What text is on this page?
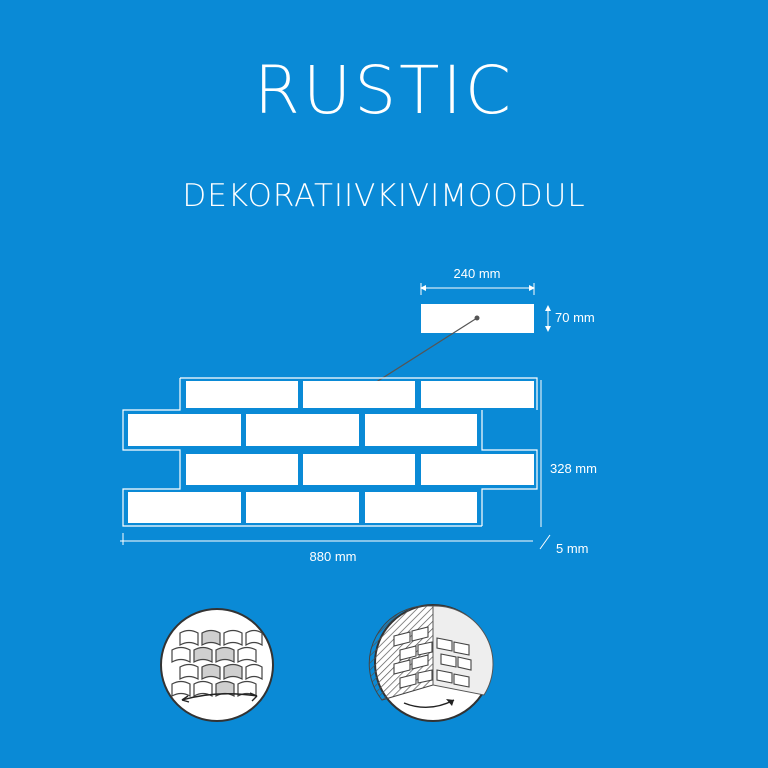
RUSTIC
DEKORATIIVKIVIMOODUL
240 mm
70 mm
328 mm
880 mm
5 mm
